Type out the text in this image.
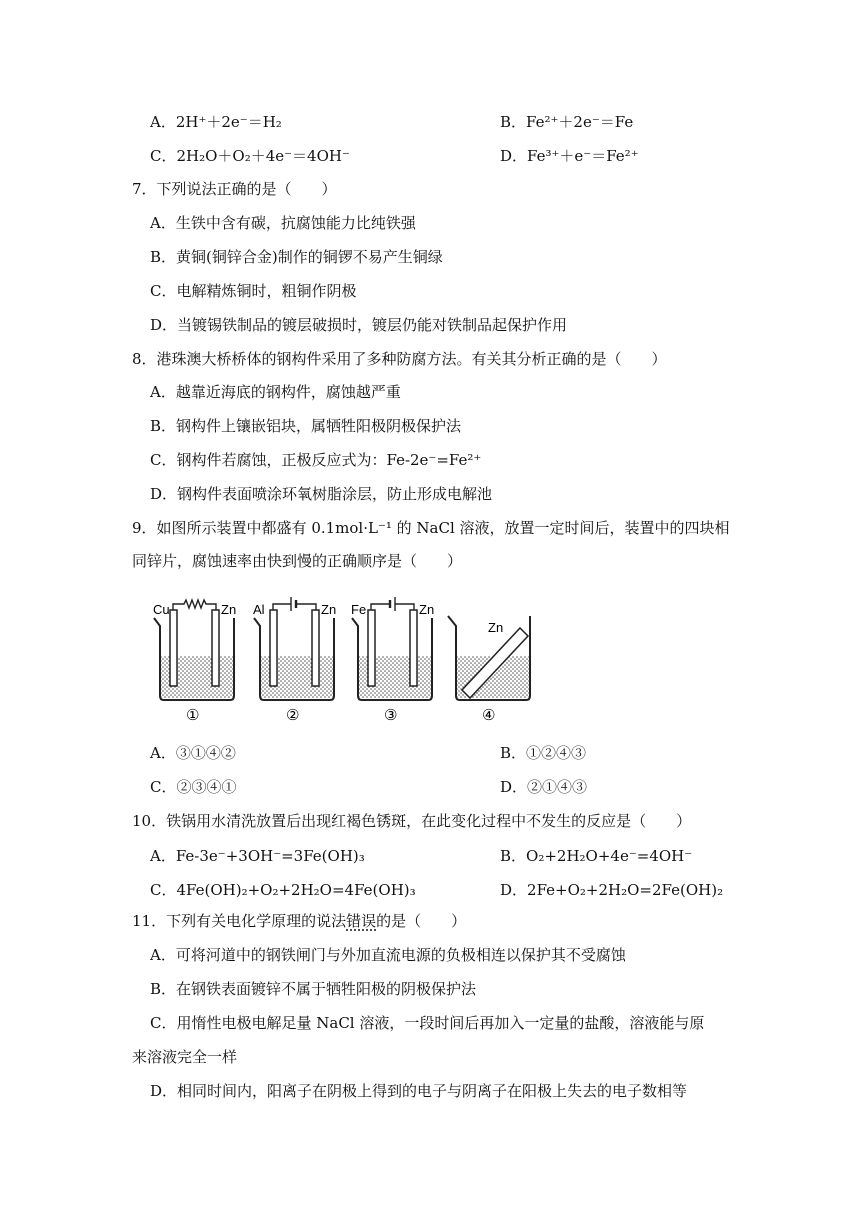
A．2H⁺＋2e⁻＝H₂	B．Fe²⁺＋2e⁻＝Fe
C．2H₂O＋O₂＋4e⁻＝4OH⁻	D．Fe³⁺＋e⁻＝Fe²⁺
7．下列说法正确的是（　　）
A．生铁中含有碳，抗腐蚀能力比纯铁强
B．黄铜(铜锌合金)制作的铜锣不易产生铜绿
C．电解精炼铜时，粗铜作阴极
D．当镀锡铁制品的镀层破损时，镀层仍能对铁制品起保护作用
8．港珠澳大桥桥体的钢构件采用了多种防腐方法。有关其分析正确的是（　　）
A．越靠近海底的钢构件，腐蚀越严重
B．钢构件上镶嵌铝块，属牺牲阳极阴极保护法
C．钢构件若腐蚀，正极反应式为：Fe-2e⁻=Fe²⁺
D．钢构件表面喷涂环氧树脂涂层，防止形成电解池
9．如图所示装置中都盛有 0.1mol·L⁻¹ 的 NaCl 溶液，放置一定时间后，装置中的四块相
同锌片，腐蚀速率由快到慢的正确顺序是（　　）
Cu	Zn
①
Al	Zn
②
Fe	Zn
③
Zn
④
A．③①④②	B．①②④③
C．②③④①	D．②①④③
10．铁锅用水清洗放置后出现红褐色锈斑，在此变化过程中不发生的反应是（　　）
A．Fe-3e⁻+3OH⁻=3Fe(OH)₃	B．O₂+2H₂O+4e⁻=4OH⁻
C．4Fe(OH)₂+O₂+2H₂O=4Fe(OH)₃	D．2Fe+O₂+2H₂O=2Fe(OH)₂
11．下列有关电化学原理的说法错误的是（　　）
A．可将河道中的钢铁闸门与外加直流电源的负极相连以保护其不受腐蚀
B．在钢铁表面镀锌不属于牺牲阳极的阴极保护法
C．用惰性电极电解足量 NaCl 溶液，一段时间后再加入一定量的盐酸，溶液能与原
来溶液完全一样
D．相同时间内，阳离子在阴极上得到的电子与阴离子在阳极上失去的电子数相等
